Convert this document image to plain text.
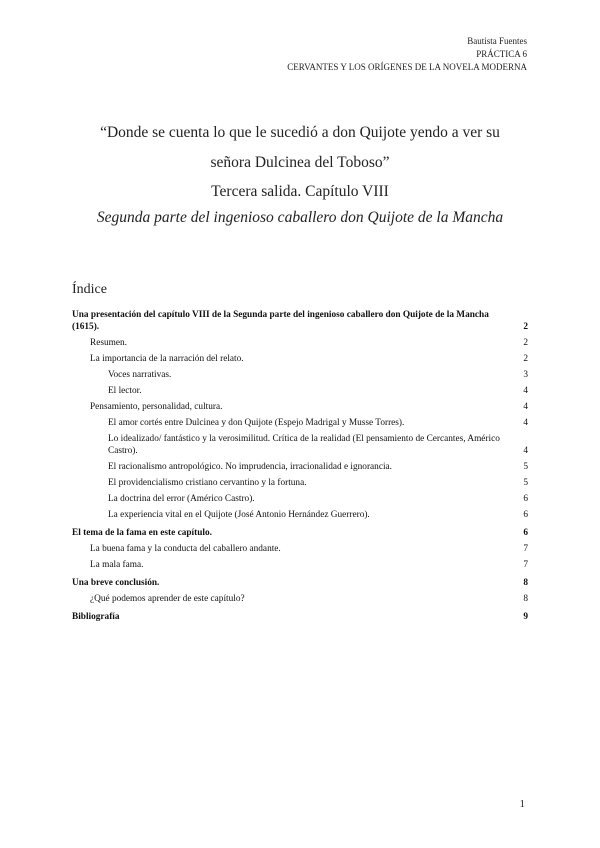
Bautista Fuentes
PRÁCTICA 6
CERVANTES Y LOS ORÍGENES DE LA NOVELA MODERNA
“Donde se cuenta lo que le sucedió a don Quijote yendo a ver su
señora Dulcinea del Toboso”
Tercera salida. Capítulo VIII
Segunda parte del ingenioso caballero don Quijote de la Mancha
Índice
Una presentación del capítulo VIII de la Segunda parte del ingenioso caballero don Quijote de la Mancha (1615).	2
Resumen.	2
La importancia de la narración del relato.	2
Voces narrativas.	3
El lector.	4
Pensamiento, personalidad, cultura.	4
El amor cortés entre Dulcinea y don Quijote (Espejo Madrigal y Musse Torres).	4
Lo idealizado/ fantástico y la verosimilitud. Crítica de la realidad (El pensamiento de Cercantes, Américo Castro).	4
El racionalismo antropológico. No imprudencia, irracionalidad e ignorancia.	5
El providencialismo cristiano cervantino y la fortuna.	5
La doctrina del error (Américo Castro).	6
La experiencia vital en el Quijote (José Antonio Hernández Guerrero).	6
El tema de la fama en este capítulo.	6
La buena fama y la conducta del caballero andante.	7
La mala fama.	7
Una breve conclusión.	8
¿Qué podemos aprender de este capítulo?	8
Bibliografía	9
1
